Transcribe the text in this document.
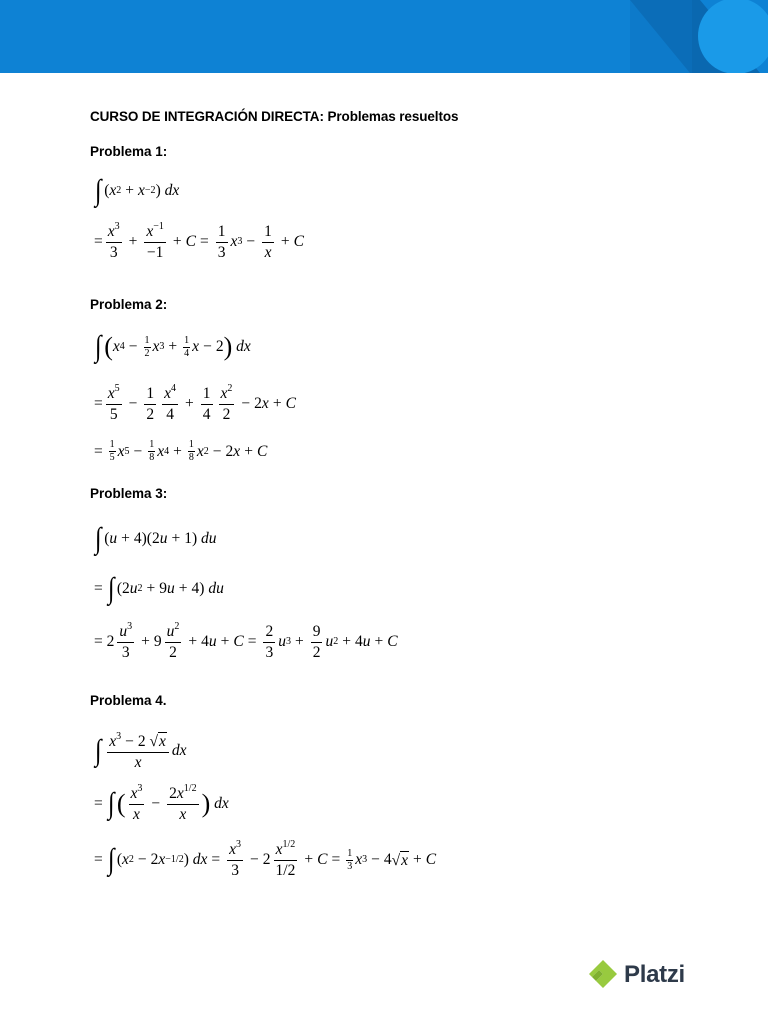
CURSO DE INTEGRACIÓN DIRECTA: Problemas resueltos
Problema 1:
∫ ( x 2 + x −2 )
dx
= $\frac{x^3}{3} + \frac{x^{-1}}{-1} + C = \frac{1}{3}$ x $3 - \frac{1}{x} + C$
Problema 2:
∫ ( x $4 - \frac{1}{2}$ x $3 + \frac{1}{4}$ x − 2 )
dx
= $\frac{x^5}{5} - \frac{1}{2} \frac{x^4}{4} + \frac{1}{4} \frac{x^2}{2} - 2$ x + C
=
$\frac{1}{5}$ x $5 - \frac{1}{8}$ x $4 + \frac{1}{8}$ x 2 − 2 x + C
Problema 3:
∫ ( u + 4)(2 u + 1)
du
=
∫ (2 u 2 + 9 u + 4)
du
= $2 \frac{u^3}{3} + 9 \frac{u^2}{2} + 4$ $u + C = \frac{2}{3}$ u $3 + \frac{9}{2}$ u 2 + 4 u + C
Problema 4.
∫ $\frac{x^3 - 2 √ x}{x}$ dx
=
∫ ( $\frac{x^3}{x} - \frac{2x^{1/2}}{x}$ )
dx
=
∫ ( x 2 − 2 x −1/2 )
dx = $\frac{x^3}{3} - 2 \frac{x^{1/2}}{1/2} + C = \frac{1}{3}$ x 3 − 4 √ x + C
Platzi
